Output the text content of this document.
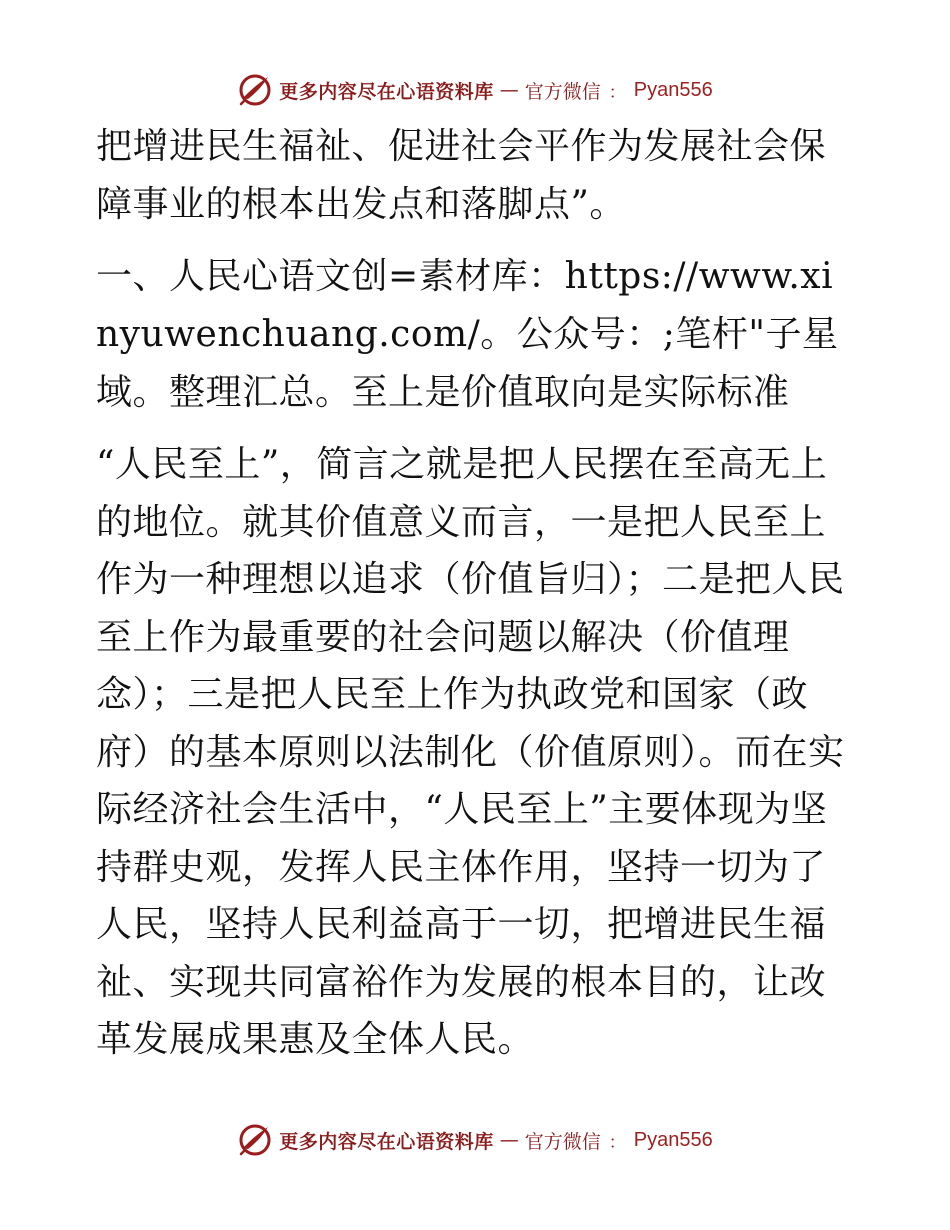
更多内容尽在心语资料库 — 官方微信 ： Pyan556

把增进民生福祉、促进社会平作为发展社会保障事业的根本出发点和落脚点”。

一、人民心语文创=素材库：https://www.xinyuwenchuang.com/。公众号：;笔杆"子星域。整理汇总。至上是价值取向是实际标准

“人民至上”，简言之就是把人民摆在至高无上的地位。就其价值意义而言，一是把人民至上作为一种理想以追求（价值旨归）；二是把人民至上作为最重要的社会问题以解决（价值理念）；三是把人民至上作为执政党和国家（政府）的基本原则以法制化（价值原则）。而在实际经济社会生活中，“人民至上”主要体现为坚持群史观，发挥人民主体作用，坚持一切为了人民，坚持人民利益高于一切，把增进民生福祉、实现共同富裕作为发展的根本目的，让改革发展成果惠及全体人民。

更多内容尽在心语资料库 — 官方微信 ： Pyan556
